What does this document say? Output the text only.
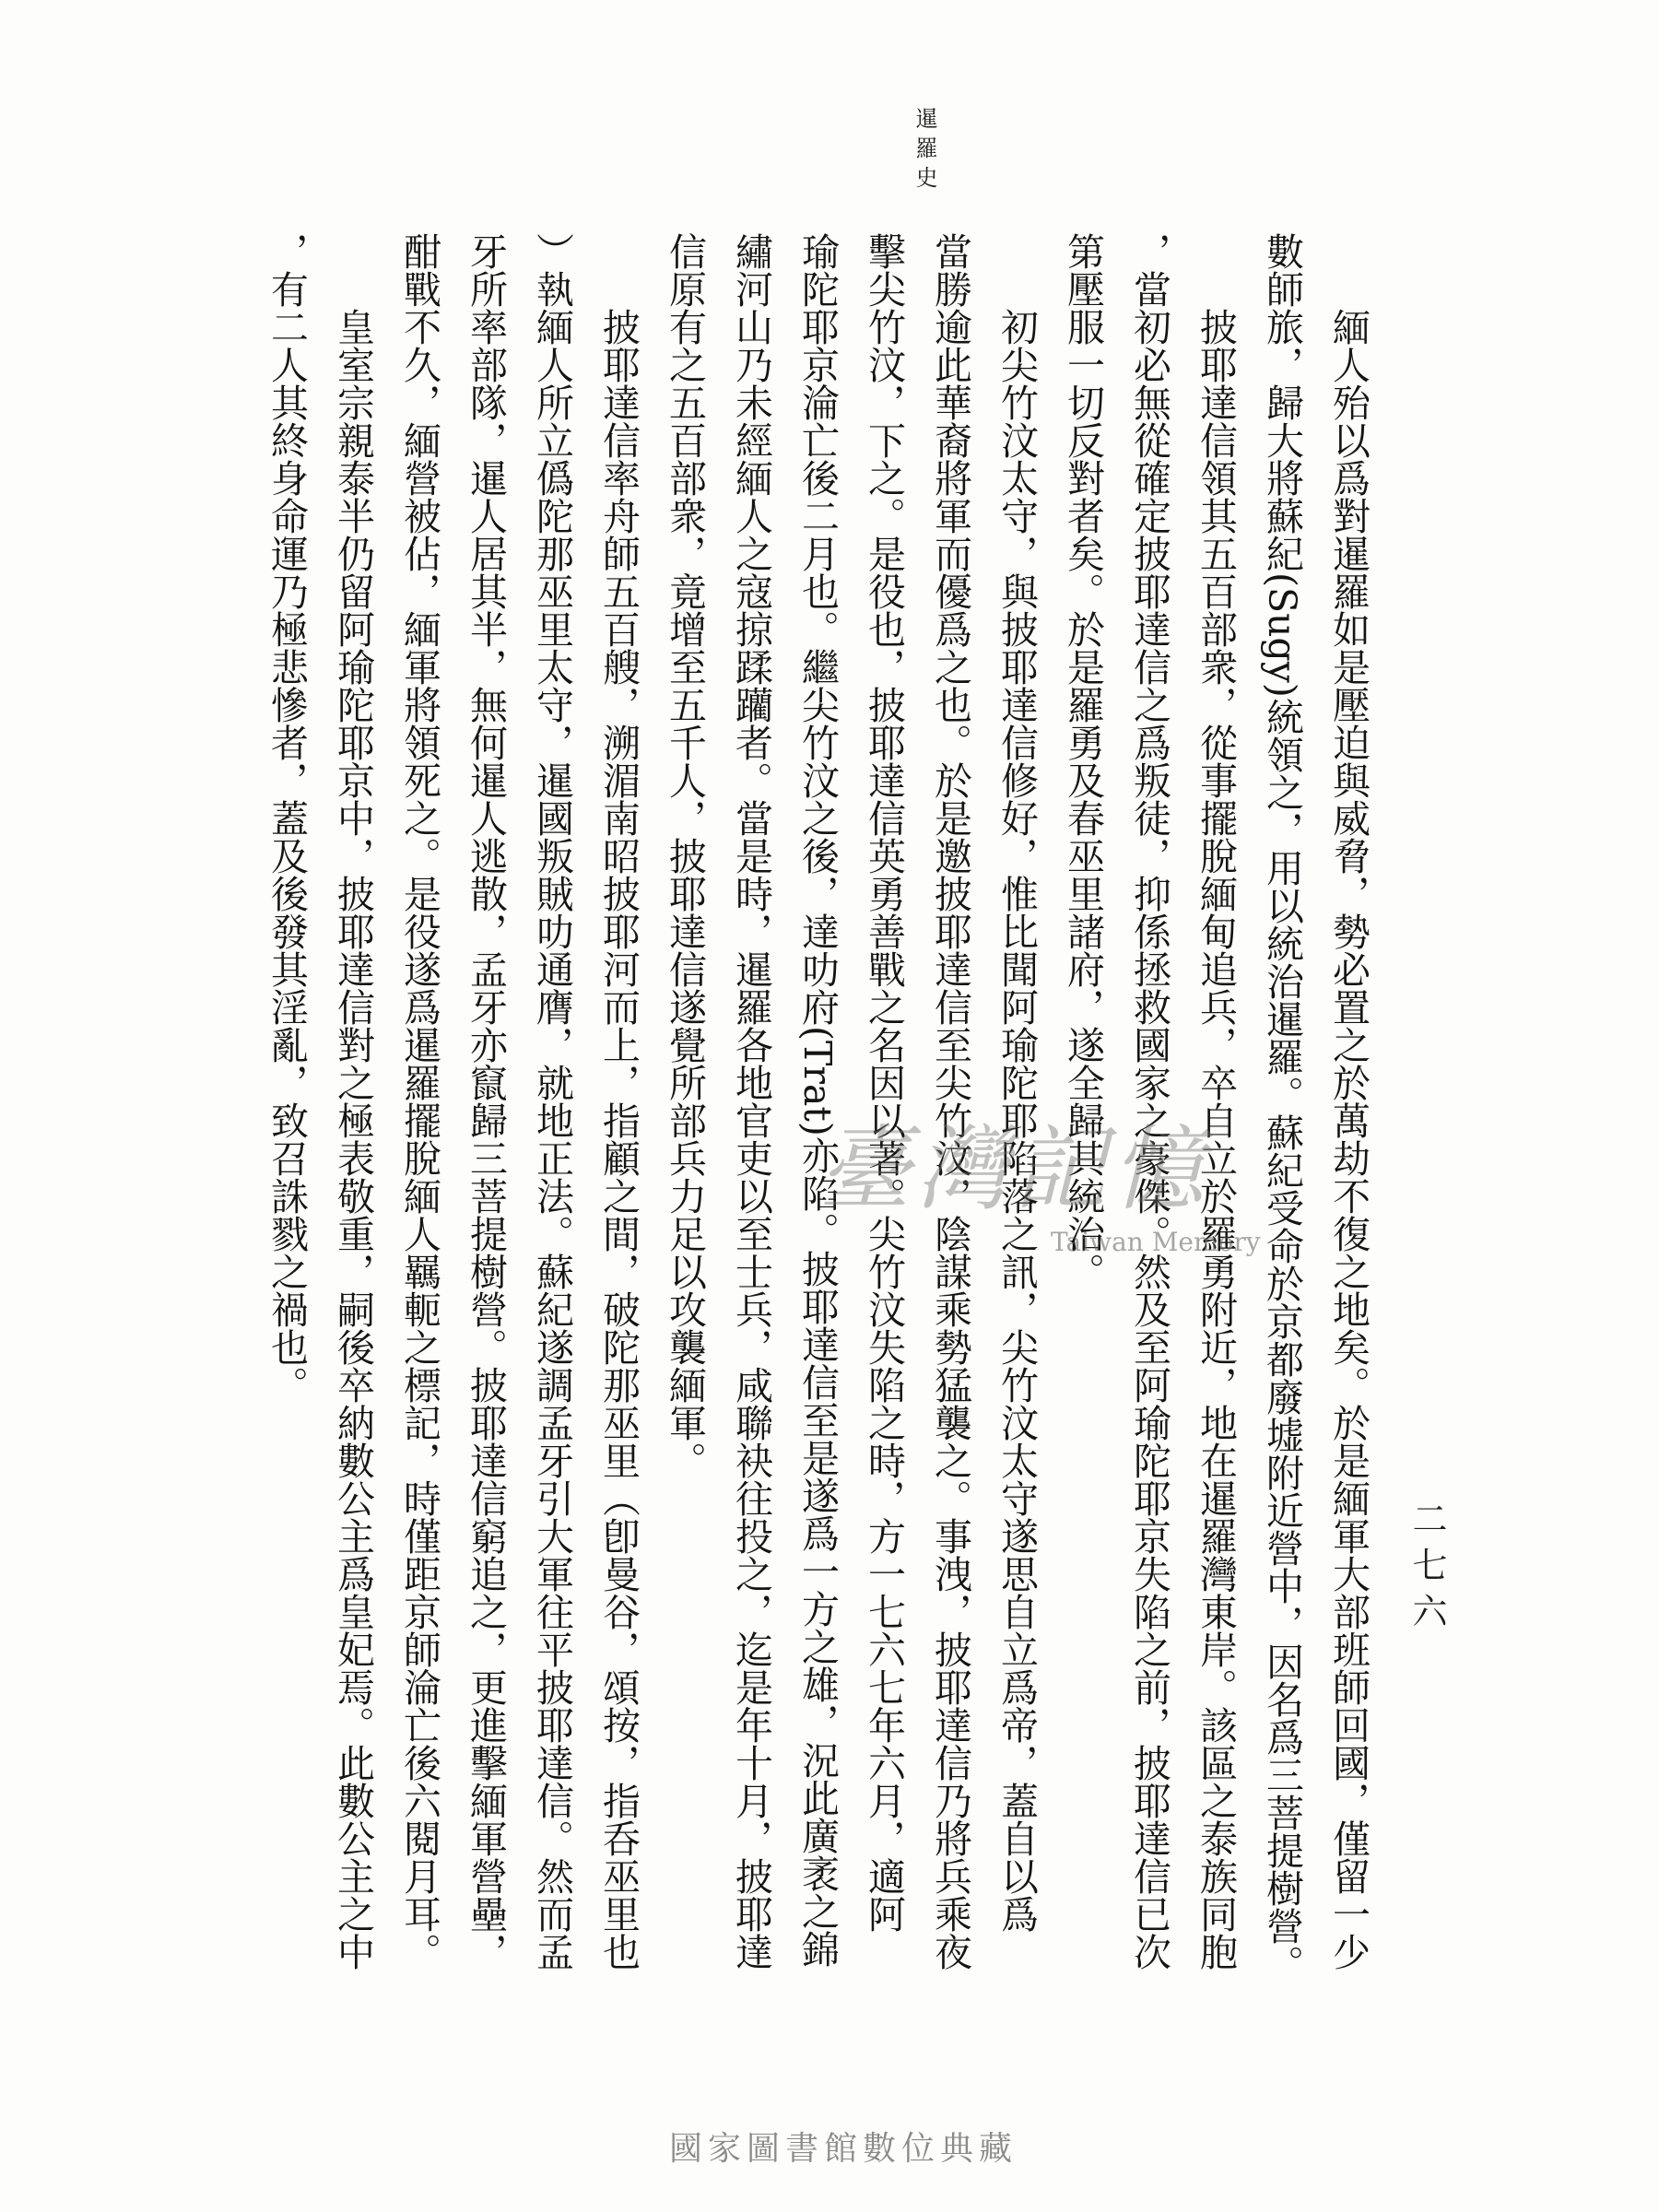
暹羅史
二七六
緬人殆以爲對暹羅如是壓迫與威脅，勢必置之於萬劫不復之地矣。於是緬軍大部班師回國，僅留一少
數師旅，歸大將蘇紀(Sugy)統領之，用以統治暹羅。蘇紀受命於京都廢墟附近營中，因名爲三菩提樹營。
披耶達信領其五百部衆，從事擺脫緬甸追兵，卒自立於羅勇附近，地在暹羅灣東岸。該區之泰族同胞
，當初必無從確定披耶達信之爲叛徒，抑係拯救國家之豪傑。然及至阿瑜陀耶京失陷之前，披耶達信已次
第壓服一切反對者矣。於是羅勇及春巫里諸府，遂全歸其統治。
初尖竹汶太守，與披耶達信修好，惟比聞阿瑜陀耶陷落之訊，尖竹汶太守遂思自立爲帝，蓋自以爲
當勝逾此華裔將軍而優爲之也。於是邀披耶達信至尖竹汶，陰謀乘勢猛襲之。事洩，披耶達信乃將兵乘夜
擊尖竹汶，下之。是役也，披耶達信英勇善戰之名因以著。尖竹汶失陷之時，方一七六七年六月，適阿
瑜陀耶京淪亡後二月也。繼尖竹汶之後，達叻府(Trat)亦陷。披耶達信至是遂爲一方之雄，況此廣袤之錦
繡河山乃未經緬人之寇掠蹂躪者。當是時，暹羅各地官吏以至士兵，咸聯袂往投之，迄是年十月，披耶達
信原有之五百部衆，竟增至五千人，披耶達信遂覺所部兵力足以攻襲緬軍。
披耶達信率舟師五百艘，溯湄南昭披耶河而上，指顧之間，破陀那巫里（卽曼谷，頌按，指呑巫里也
）執緬人所立僞陀那巫里太守，暹國叛賊叻通膺，就地正法。蘇紀遂調孟牙引大軍往平披耶達信。然而孟
牙所率部隊，暹人居其半，無何暹人逃散，孟牙亦竄歸三菩提樹營。披耶達信窮追之，更進擊緬軍營壘，
酣戰不久，緬營被佔，緬軍將領死之。是役遂爲暹羅擺脫緬人羈軛之標記，時僅距京師淪亡後六閱月耳。
皇室宗親泰半仍留阿瑜陀耶京中，披耶達信對之極表敬重，嗣後卒納數公主爲皇妃焉。此數公主之中
，有二人其終身命運乃極悲慘者，蓋及後發其淫亂，致召誅戮之禍也。	臺灣記憶
Taiwan Memory
國家圖書館數位典藏
